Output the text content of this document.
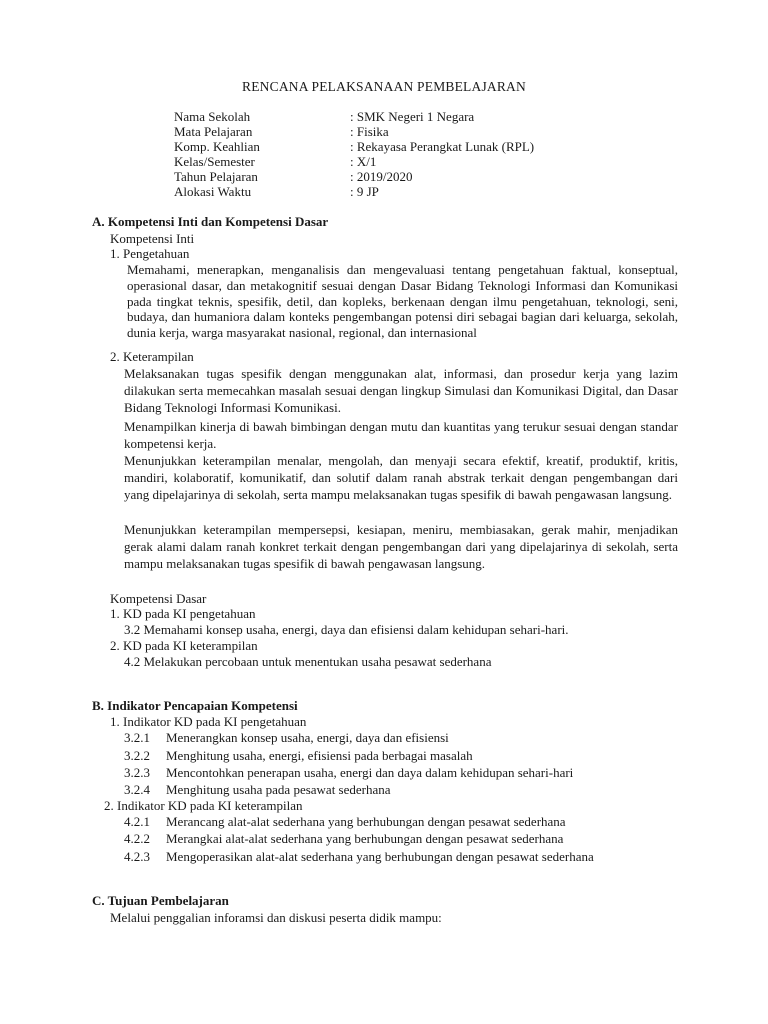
RENCANA PELAKSANAAN PEMBELAJARAN
Nama Sekolah	: SMK Negeri 1 Negara
Mata Pelajaran	: Fisika
Komp. Keahlian	: Rekayasa Perangkat Lunak (RPL)
Kelas/Semester	: X/1
Tahun Pelajaran	: 2019/2020
Alokasi Waktu	: 9 JP
A. Kompetensi Inti dan Kompetensi Dasar
Kompetensi Inti
1. Pengetahuan
Memahami, menerapkan, menganalisis dan mengevaluasi tentang pengetahuan faktual, konseptual, operasional dasar, dan metakognitif sesuai dengan Dasar Bidang Teknologi Informasi dan Komunikasi pada tingkat teknis, spesifik, detil, dan kopleks, berkenaan dengan ilmu pengetahuan, teknologi, seni, budaya, dan humaniora dalam konteks pengembangan potensi diri sebagai bagian dari keluarga, sekolah, dunia kerja, warga masyarakat nasional, regional, dan internasional
2. Keterampilan
Melaksanakan tugas spesifik dengan menggunakan alat, informasi, dan prosedur kerja yang lazim dilakukan serta memecahkan masalah sesuai dengan lingkup Simulasi dan Komunikasi Digital, dan Dasar Bidang Teknologi Informasi Komunikasi.
Menampilkan kinerja di bawah bimbingan dengan mutu dan kuantitas yang terukur sesuai dengan standar kompetensi kerja.
Menunjukkan keterampilan menalar, mengolah, dan menyaji secara efektif, kreatif, produktif, kritis, mandiri, kolaboratif, komunikatif, dan solutif dalam ranah abstrak terkait dengan pengembangan dari yang dipelajarinya di sekolah, serta mampu melaksanakan tugas spesifik di bawah pengawasan langsung.
Menunjukkan keterampilan mempersepsi, kesiapan, meniru, membiasakan, gerak mahir, menjadikan gerak alami dalam ranah konkret terkait dengan pengembangan dari yang dipelajarinya di sekolah, serta mampu melaksanakan tugas spesifik di bawah pengawasan langsung.
Kompetensi Dasar
1. KD pada KI pengetahuan
3.2 Memahami konsep usaha, energi, daya dan efisiensi dalam kehidupan sehari-hari.
2. KD pada KI keterampilan
4.2 Melakukan percobaan untuk menentukan usaha pesawat sederhana
B. Indikator Pencapaian Kompetensi
1. Indikator KD pada KI pengetahuan
3.2.1 Menerangkan konsep usaha, energi, daya dan efisiensi
3.2.2 Menghitung usaha, energi, efisiensi pada berbagai masalah
3.2.3 Mencontohkan penerapan usaha, energi dan daya dalam kehidupan sehari-hari
3.2.4 Menghitung usaha pada pesawat sederhana
2. Indikator KD pada KI keterampilan
4.2.1 Merancang alat-alat sederhana yang berhubungan dengan pesawat sederhana
4.2.2 Merangkai alat-alat sederhana yang berhubungan dengan pesawat sederhana
4.2.3 Mengoperasikan alat-alat sederhana yang berhubungan dengan pesawat sederhana
C. Tujuan Pembelajaran
Melalui penggalian inforamsi dan diskusi peserta didik mampu:
